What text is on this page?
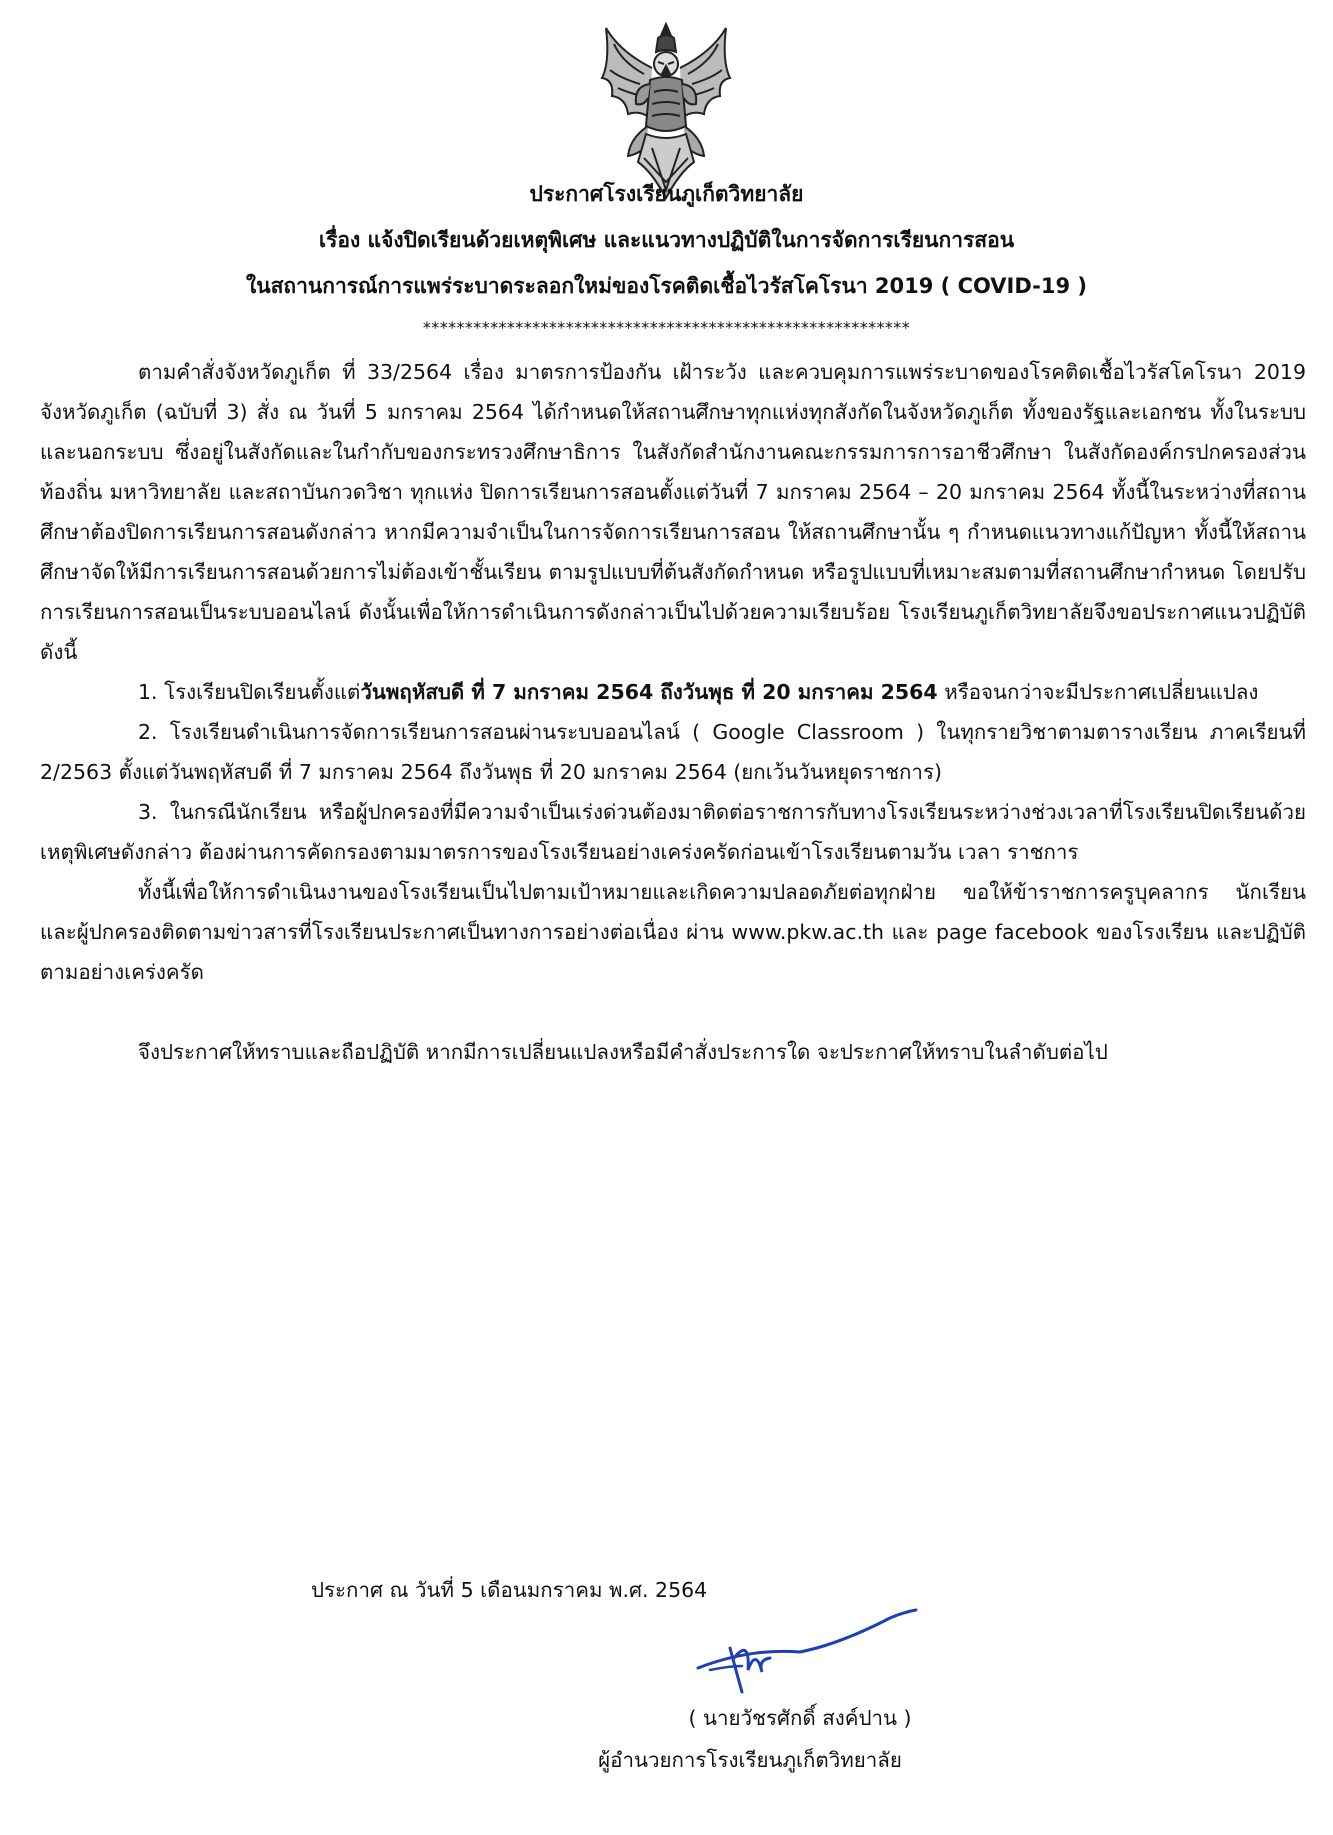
ประกาศโรงเรียนภูเก็ตวิทยาลัย
เรื่อง แจ้งปิดเรียนด้วยเหตุพิเศษ และแนวทางปฏิบัติในการจัดการเรียนการสอน
ในสถานการณ์การแพร่ระบาดระลอกใหม่ของโรคติดเชื้อไวรัสโคโรนา 2019 ( COVID-19 )
**********************************************************

ตามคำสั่งจังหวัดภูเก็ต ที่ 33/2564 เรื่อง มาตรการป้องกัน เฝ้าระวัง และควบคุมการแพร่ระบาดของโรคติดเชื้อไวรัสโคโรนา 2019 จังหวัดภูเก็ต (ฉบับที่ 3) สั่ง ณ วันที่ 5 มกราคม 2564 ได้กำหนดให้สถานศึกษาทุกแห่งทุกสังกัดในจังหวัดภูเก็ต ทั้งของรัฐและเอกชน ทั้งในระบบและนอกระบบ ซึ่งอยู่ในสังกัดและในกำกับของกระทรวงศึกษาธิการ ในสังกัดสำนักงานคณะกรรมการการอาชีวศึกษา ในสังกัดองค์กรปกครองส่วนท้องถิ่น มหาวิทยาลัย และสถาบันกวดวิชา ทุกแห่ง ปิดการเรียนการสอนตั้งแต่วันที่ 7 มกราคม 2564 – 20 มกราคม 2564 ทั้งนี้ในระหว่างที่สถานศึกษาต้องปิดการเรียนการสอนดังกล่าว หากมีความจำเป็นในการจัดการเรียนการสอน ให้สถานศึกษานั้น ๆ กำหนดแนวทางแก้ปัญหา ทั้งนี้ให้สถานศึกษาจัดให้มีการเรียนการสอนด้วยการไม่ต้องเข้าชั้นเรียน ตามรูปแบบที่ต้นสังกัดกำหนด หรือรูปแบบที่เหมาะสมตามที่สถานศึกษากำหนด โดยปรับการเรียนการสอนเป็นระบบออนไลน์ ดังนั้นเพื่อให้การดำเนินการดังกล่าวเป็นไปด้วยความเรียบร้อย โรงเรียนภูเก็ตวิทยาลัยจึงขอประกาศแนวปฏิบัติดังนี้

1. โรงเรียนปิดเรียนตั้งแต่วันพฤหัสบดี ที่ 7 มกราคม 2564 ถึงวันพุธ ที่ 20 มกราคม 2564 หรือจนกว่าจะมีประกาศเปลี่ยนแปลง

2. โรงเรียนดำเนินการจัดการเรียนการสอนผ่านระบบออนไลน์ ( Google Classroom ) ในทุกรายวิชาตามตารางเรียน ภาคเรียนที่ 2/2563 ตั้งแต่วันพฤหัสบดี ที่ 7 มกราคม 2564 ถึงวันพุธ ที่ 20 มกราคม 2564 (ยกเว้นวันหยุดราชการ)

3. ในกรณีนักเรียน หรือผู้ปกครองที่มีความจำเป็นเร่งด่วนต้องมาติดต่อราชการกับทางโรงเรียนระหว่างช่วงเวลาที่โรงเรียนปิดเรียนด้วยเหตุพิเศษดังกล่าว ต้องผ่านการคัดกรองตามมาตรการของโรงเรียนอย่างเคร่งครัดก่อนเข้าโรงเรียนตามวัน เวลา ราชการ

ทั้งนี้เพื่อให้การดำเนินงานของโรงเรียนเป็นไปตามเป้าหมายและเกิดความปลอดภัยต่อทุกฝ่าย ขอให้ข้าราชการครูบุคลากร นักเรียน และผู้ปกครองติดตามข่าวสารที่โรงเรียนประกาศเป็นทางการอย่างต่อเนื่อง ผ่าน www.pkw.ac.th และ page facebook ของโรงเรียน และปฏิบัติตามอย่างเคร่งครัด

จึงประกาศให้ทราบและถือปฏิบัติ หากมีการเปลี่ยนแปลงหรือมีคำสั่งประการใด จะประกาศให้ทราบในลำดับต่อไป

ประกาศ ณ วันที่ 5 เดือนมกราคม พ.ศ. 2564
( นายวัชรศักดิ์ สงค์ปาน )
ผู้อำนวยการโรงเรียนภูเก็ตวิทยาลัย
